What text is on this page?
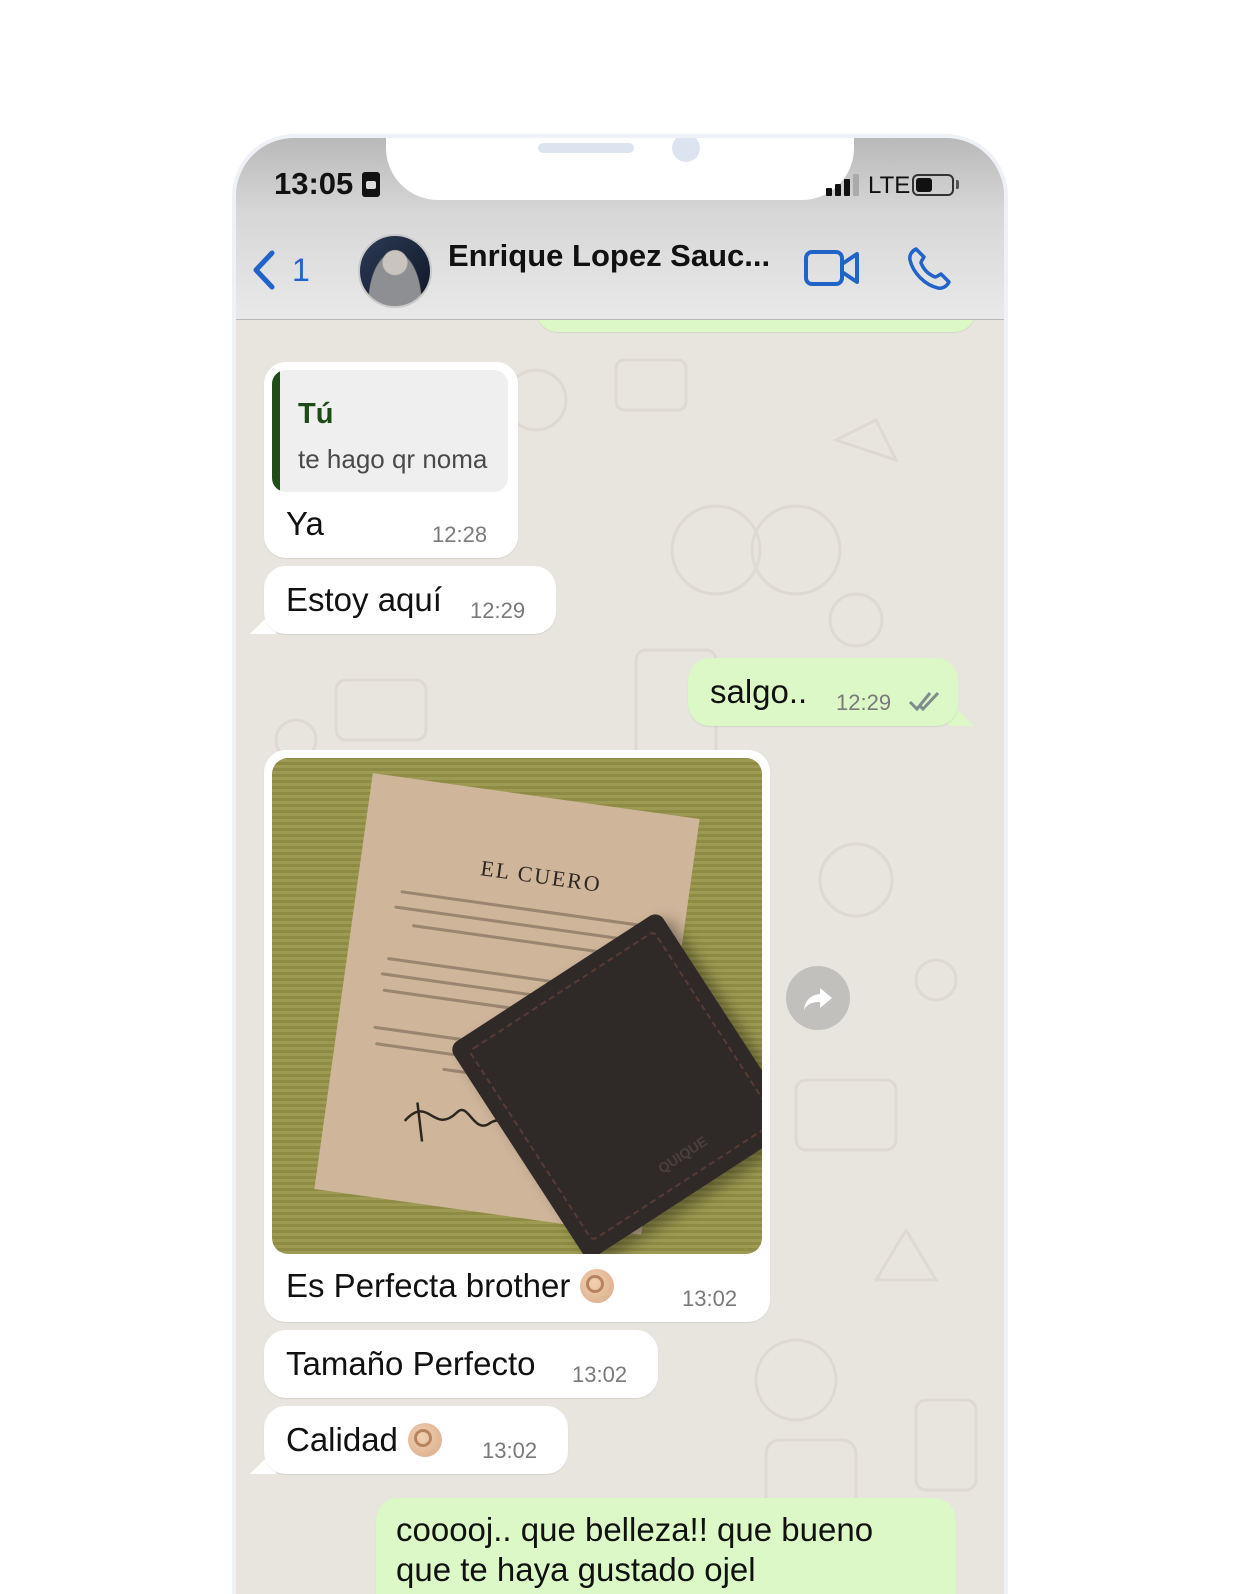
13:05	LTE
1	Enrique Lopez Sauc...
Tú
te hago qr noma
Ya	12:28
Estoy aquí 12:29
salgo.. 12:29
EL CUERO
QUIQUE
Es Perfecta brother	13:02
Tamaño Perfecto 13:02
Calidad	13:02
cooooj.. que belleza!! que bueno que te haya gustado ojel
